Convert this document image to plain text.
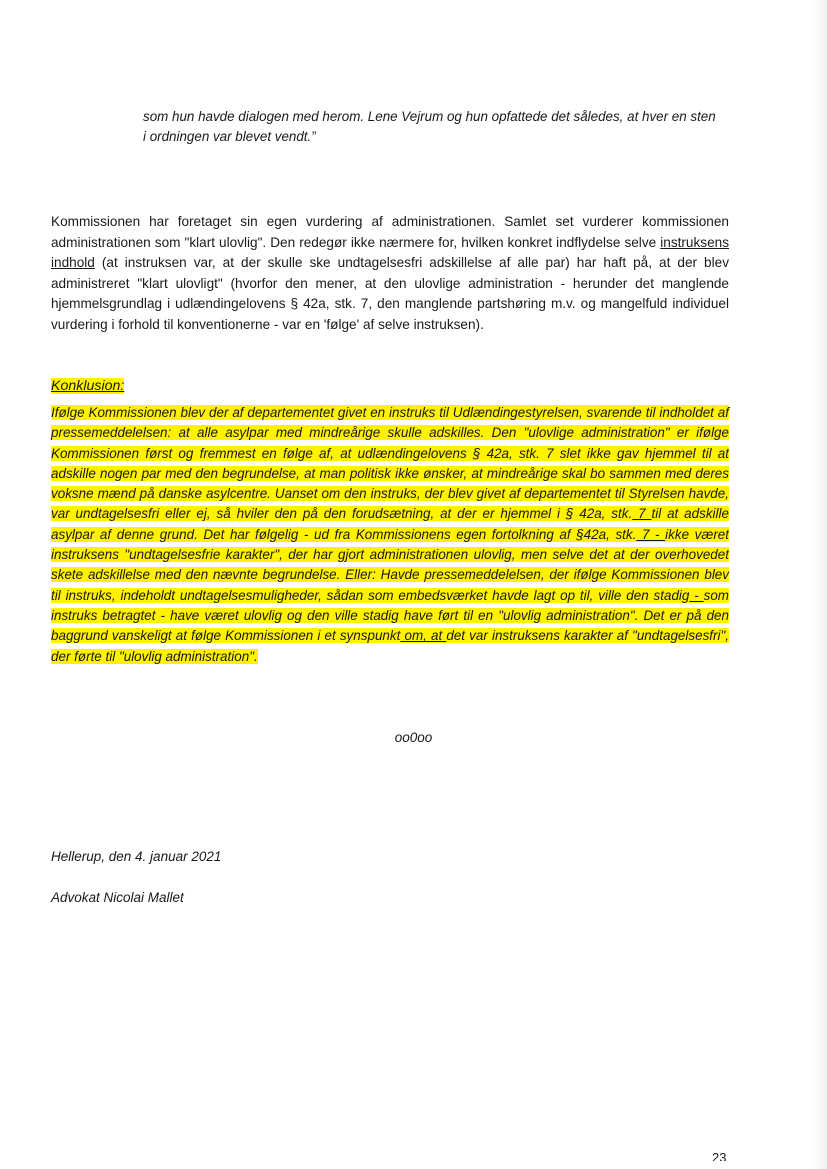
som hun havde dialogen med herom. Lene Vejrum og hun opfattede det således, at hver en sten
i ordningen var blevet vendt.”
Kommissionen har foretaget sin egen vurdering af administrationen. Samlet set vurderer kommissionen administrationen som "klart ulovlig". Den redegør ikke nærmere for, hvilken konkret indflydelse selve instruksens indhold (at instruksen var, at der skulle ske undtagelsesfri adskillelse af alle par) har haft på, at der blev administreret "klart ulovligt" (hvorfor den mener, at den ulovlige administration - herunder det manglende hjemmelsgrundlag i udlændingelovens § 42a, stk. 7, den manglende partshøring m.v. og mangelfuld individuel vurdering i forhold til konventionerne - var en 'følge' af selve instruksen).
Konklusion:
Ifølge Kommissionen blev der af departementet givet en instruks til Udlændingestyrelsen, svarende til indholdet af pressemeddelelsen: at alle asylpar med mindreårige skulle adskilles. Den "ulovlige administration" er ifølge Kommissionen først og fremmest en følge af, at udlændingelovens § 42a, stk. 7 slet ikke gav hjemmel til at adskille nogen par med den begrundelse, at man politisk ikke ønsker, at mindreårige skal bo sammen med deres voksne mænd på danske asylcentre. Uanset om den instruks, der blev givet af departementet til Styrelsen havde, var undtagelsesfri eller ej, så hviler den på den forudsætning, at der er hjemmel i § 42a, stk. 7 til at adskille asylpar af denne grund. Det har følgelig - ud fra Kommissionens egen fortolkning af §42a, stk. 7 - ikke været instruksens "undtagelsesfrie karakter", der har gjort administrationen ulovlig, men selve det at der overhovedet skete adskillelse med den nævnte begrundelse. Eller: Havde pressemeddelelsen, der ifølge Kommissionen blev til instruks, indeholdt undtagelsesmuligheder, sådan som embedsværket havde lagt op til, ville den stadig - som instruks betragtet - have været ulovlig og den ville stadig have ført til en "ulovlig administration". Det er på den baggrund vanskeligt at følge Kommissionen i et synspunkt om, at det var instruksens karakter af "undtagelsesfri", der førte til "ulovlig administration".
oo0oo
Hellerup, den 4. januar 2021
Advokat Nicolai Mallet
23
